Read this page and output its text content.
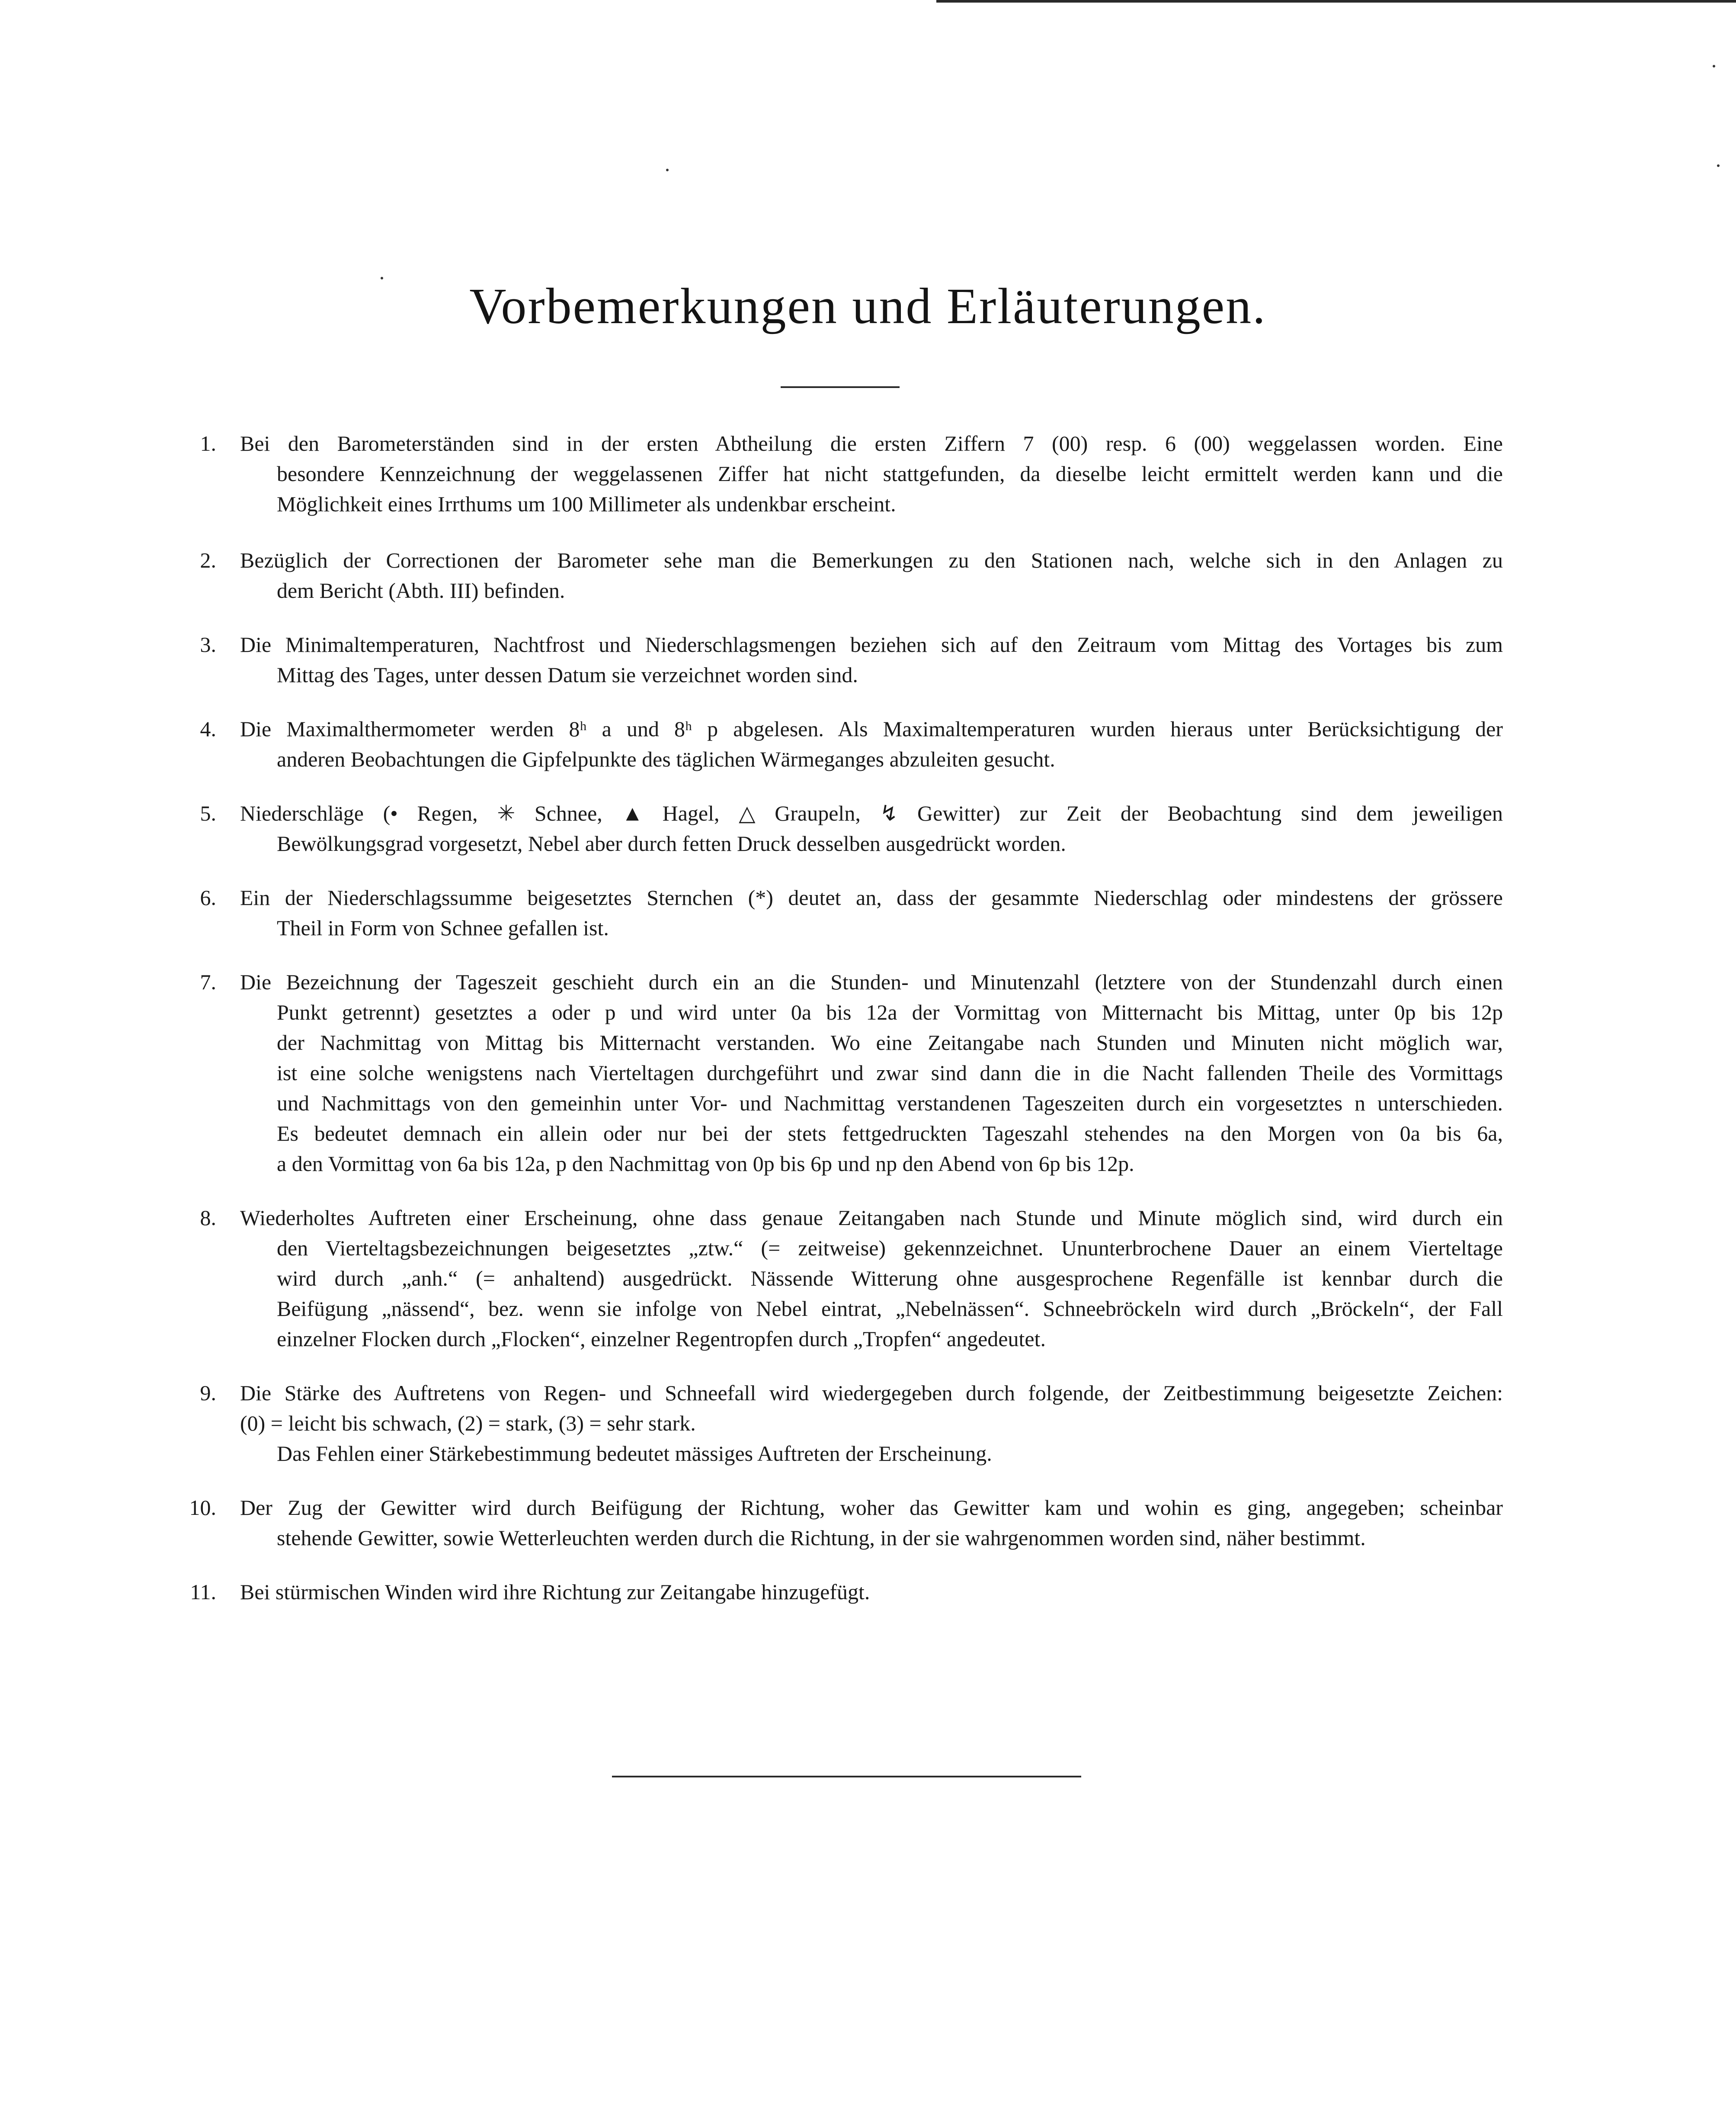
Vorbemerkungen und Erläuterungen.
1. Bei den Barometerständen sind in der ersten Abtheilung die ersten Ziffern 7 (00) resp. 6 (00) weggelassen worden. Eine
besondere Kennzeichnung der weggelassenen Ziffer hat nicht stattgefunden, da dieselbe leicht ermittelt werden kann und die
Möglichkeit eines Irrthums um 100 Millimeter als undenkbar erscheint.
2. Bezüglich der Correctionen der Barometer sehe man die Bemerkungen zu den Stationen nach, welche sich in den Anlagen zu
dem Bericht (Abth. III) befinden.
3. Die Minimaltemperaturen, Nachtfrost und Niederschlagsmengen beziehen sich auf den Zeitraum vom Mittag des Vortages bis zum
Mittag des Tages, unter dessen Datum sie verzeichnet worden sind.
4. Die Maximalthermometer werden 8ʰ a und 8ʰ p abgelesen. Als Maximaltemperaturen wurden hieraus unter Berücksichtigung der
anderen Beobachtungen die Gipfelpunkte des täglichen Wärmeganges abzuleiten gesucht.
5. Niederschläge (• Regen, ✳ Schnee, ▲ Hagel, △ Graupeln, ↯ Gewitter) zur Zeit der Beobachtung sind dem jeweiligen
Bewölkungsgrad vorgesetzt, Nebel aber durch fetten Druck desselben ausgedrückt worden.
6. Ein der Niederschlagssumme beigesetztes Sternchen (*) deutet an, dass der gesammte Niederschlag oder mindestens der grössere
Theil in Form von Schnee gefallen ist.
7. Die Bezeichnung der Tageszeit geschieht durch ein an die Stunden- und Minutenzahl (letztere von der Stundenzahl durch einen
Punkt getrennt) gesetztes a oder p und wird unter 0a bis 12a der Vormittag von Mitternacht bis Mittag, unter 0p bis 12p
der Nachmittag von Mittag bis Mitternacht verstanden. Wo eine Zeitangabe nach Stunden und Minuten nicht möglich war,
ist eine solche wenigstens nach Vierteltagen durchgeführt und zwar sind dann die in die Nacht fallenden Theile des Vormittags
und Nachmittags von den gemeinhin unter Vor- und Nachmittag verstandenen Tageszeiten durch ein vorgesetztes n unterschieden.
Es bedeutet demnach ein allein oder nur bei der stets fettgedruckten Tageszahl stehendes na den Morgen von 0a bis 6a,
a den Vormittag von 6a bis 12a, p den Nachmittag von 0p bis 6p und np den Abend von 6p bis 12p.
8. Wiederholtes Auftreten einer Erscheinung, ohne dass genaue Zeitangaben nach Stunde und Minute möglich sind, wird durch ein
den Vierteltagsbezeichnungen beigesetztes „ztw.“ (= zeitweise) gekennzeichnet. Ununterbrochene Dauer an einem Vierteltage
wird durch „anh.“ (= anhaltend) ausgedrückt. Nässende Witterung ohne ausgesprochene Regenfälle ist kennbar durch die
Beifügung „nässend“, bez. wenn sie infolge von Nebel eintrat, „Nebelnässen“. Schneebröckeln wird durch „Bröckeln“, der Fall
einzelner Flocken durch „Flocken“, einzelner Regentropfen durch „Tropfen“ angedeutet.
9. Die Stärke des Auftretens von Regen- und Schneefall wird wiedergegeben durch folgende, der Zeitbestimmung beigesetzte Zeichen:
(0) = leicht bis schwach, (2) = stark, (3) = sehr stark.
Das Fehlen einer Stärkebestimmung bedeutet mässiges Auftreten der Erscheinung.
10. Der Zug der Gewitter wird durch Beifügung der Richtung, woher das Gewitter kam und wohin es ging, angegeben; scheinbar
stehende Gewitter, sowie Wetterleuchten werden durch die Richtung, in der sie wahrgenommen worden sind, näher bestimmt.
11. Bei stürmischen Winden wird ihre Richtung zur Zeitangabe hinzugefügt.
